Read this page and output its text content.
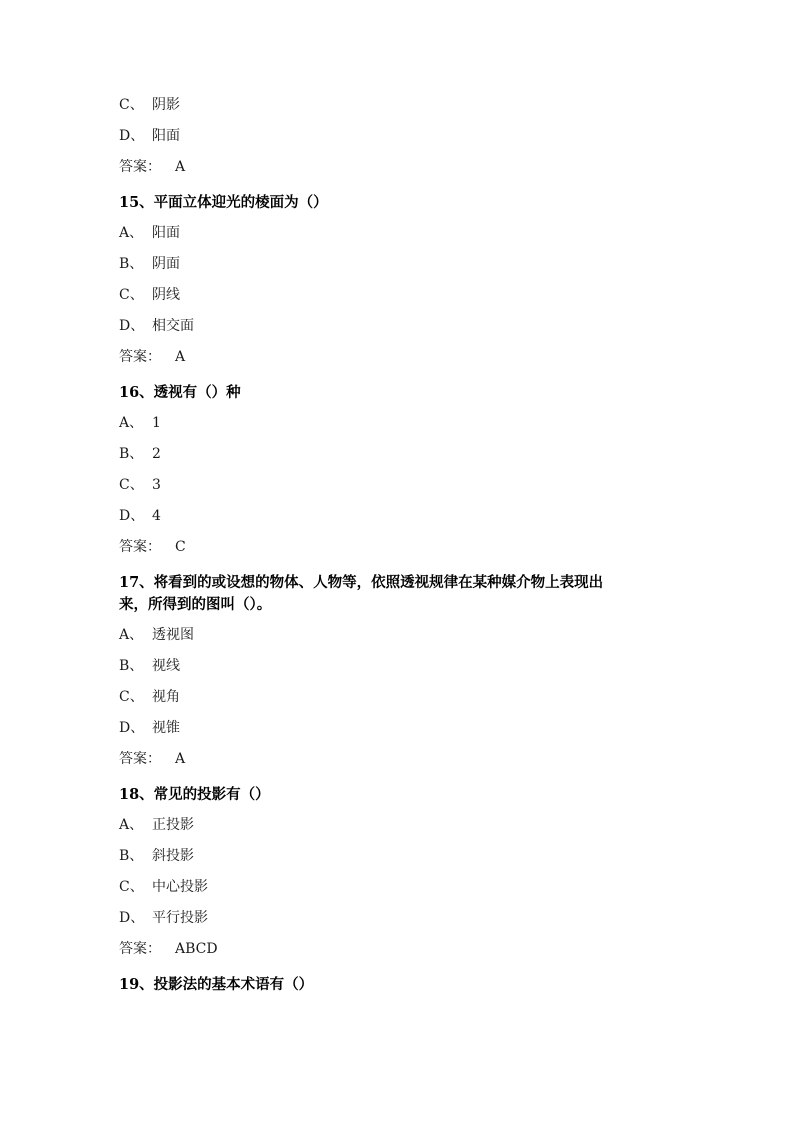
C、 阴影
D、 阳面
答案： A
15、平面立体迎光的棱面为（）
A、 阳面
B、 阴面
C、 阴线
D、 相交面
答案： A
16、透视有（）种
A、 1
B、 2
C、 3
D、 4
答案： C
17、将看到的或设想的物体、人物等，依照透视规律在某种媒介物上表现出
来，所得到的图叫（）。
A、 透视图
B、 视线
C、 视角
D、 视锥
答案： A
18、常见的投影有（）
A、 正投影
B、 斜投影
C、 中心投影
D、 平行投影
答案： ABCD
19、投影法的基本术语有（）
